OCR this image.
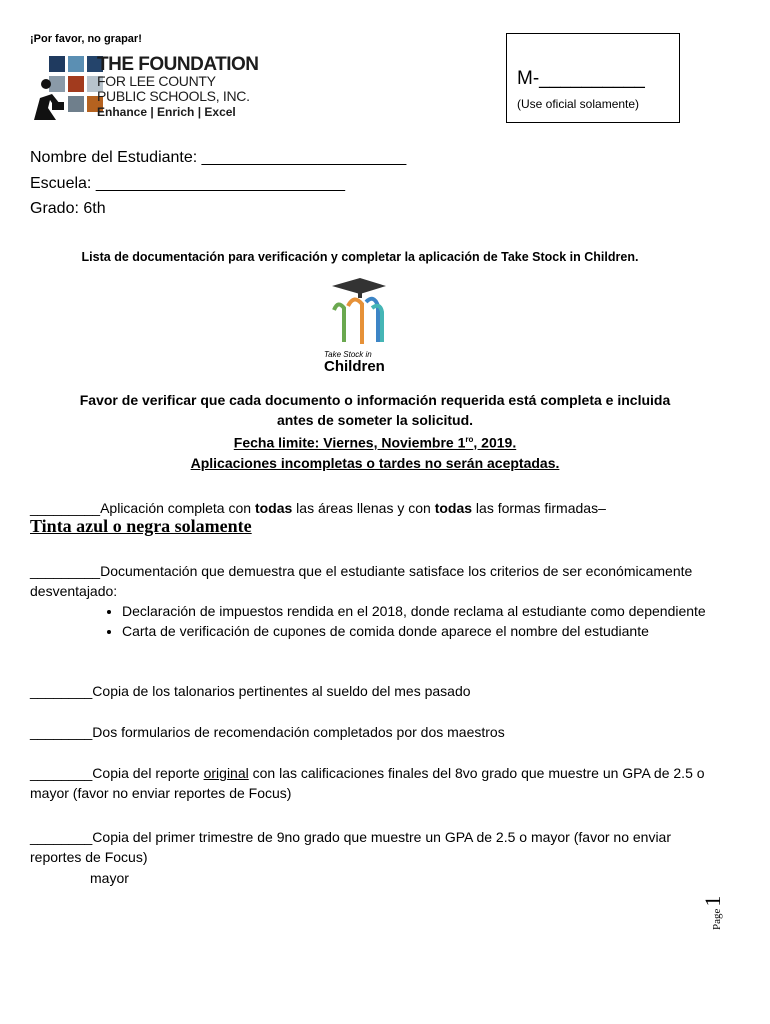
¡Por favor, no grapar!
THE FOUNDATION
FOR LEE COUNTY
PUBLIC SCHOOLS, INC.
Enhance | Enrich | Excel
M-__________
(Use oficial solamente)
Nombre del Estudiante: _______________________
Escuela: ____________________________
Grado: 6th
Lista de documentación para verificación y completar la aplicación de Take Stock in Children.
Take Stock in
Children
Favor de verificar que cada documento o información requerida está completa e incluida
antes de someter la solicitud.
Fecha limite: Viernes, Noviembre $1^{ro}$, 2019.
Aplicaciones incompletas o tardes no serán aceptadas.
_________Aplicación completa con todas las áreas llenas y con todas las formas firmadas–
Tinta azul o negra solamente
_________Documentación que demuestra que el estudiante satisface los criterios de ser económicamente desventajado:
• Declaración de impuestos rendida en el 2018, donde reclama al estudiante como dependiente
• Carta de verificación de cupones de comida donde aparece el nombre del estudiante
________Copia de los talonarios pertinentes al sueldo del mes pasado
________Dos formularios de recomendación completados por dos maestros
________Copia del reporte original con las calificaciones finales del 8vo grado que muestre un GPA de 2.5 o mayor (favor no enviar reportes de Focus)
________Copia del primer trimestre de 9no grado que muestre un GPA de 2.5 o mayor (favor no enviar reportes de Focus)
mayor
Page1
